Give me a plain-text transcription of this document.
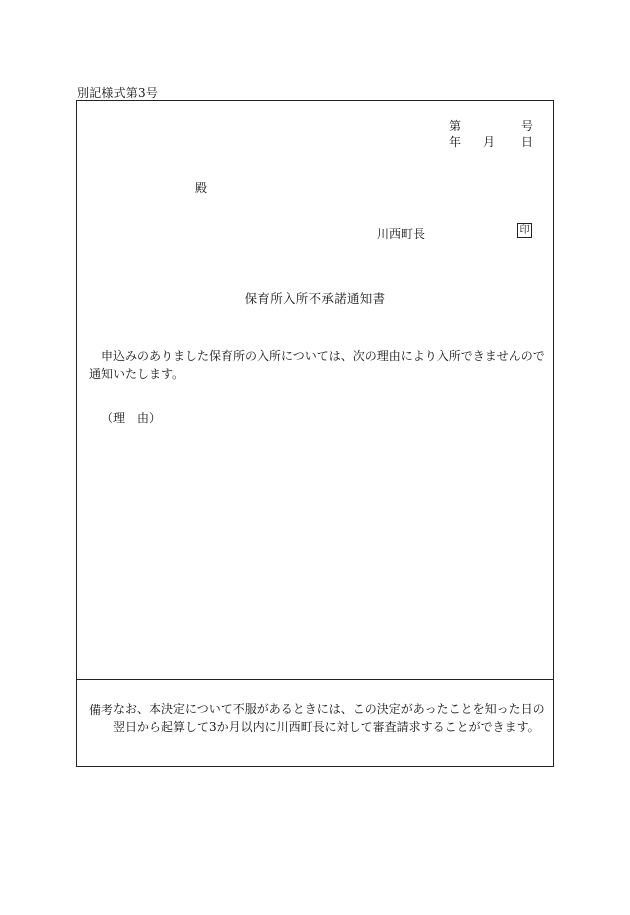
別記様式第3号
第	号
年 月 日
殿
川西町長	印
保育所入所不承諾通知書
申込みのありました保育所の入所については、次の理由により入所できませんので通知いたします。
（理　由）
備考 なお、本決定について不服があるときには、この決定があったことを知った日の翌日から起算して3か月以内に川西町長に対して審査請求することができます。
